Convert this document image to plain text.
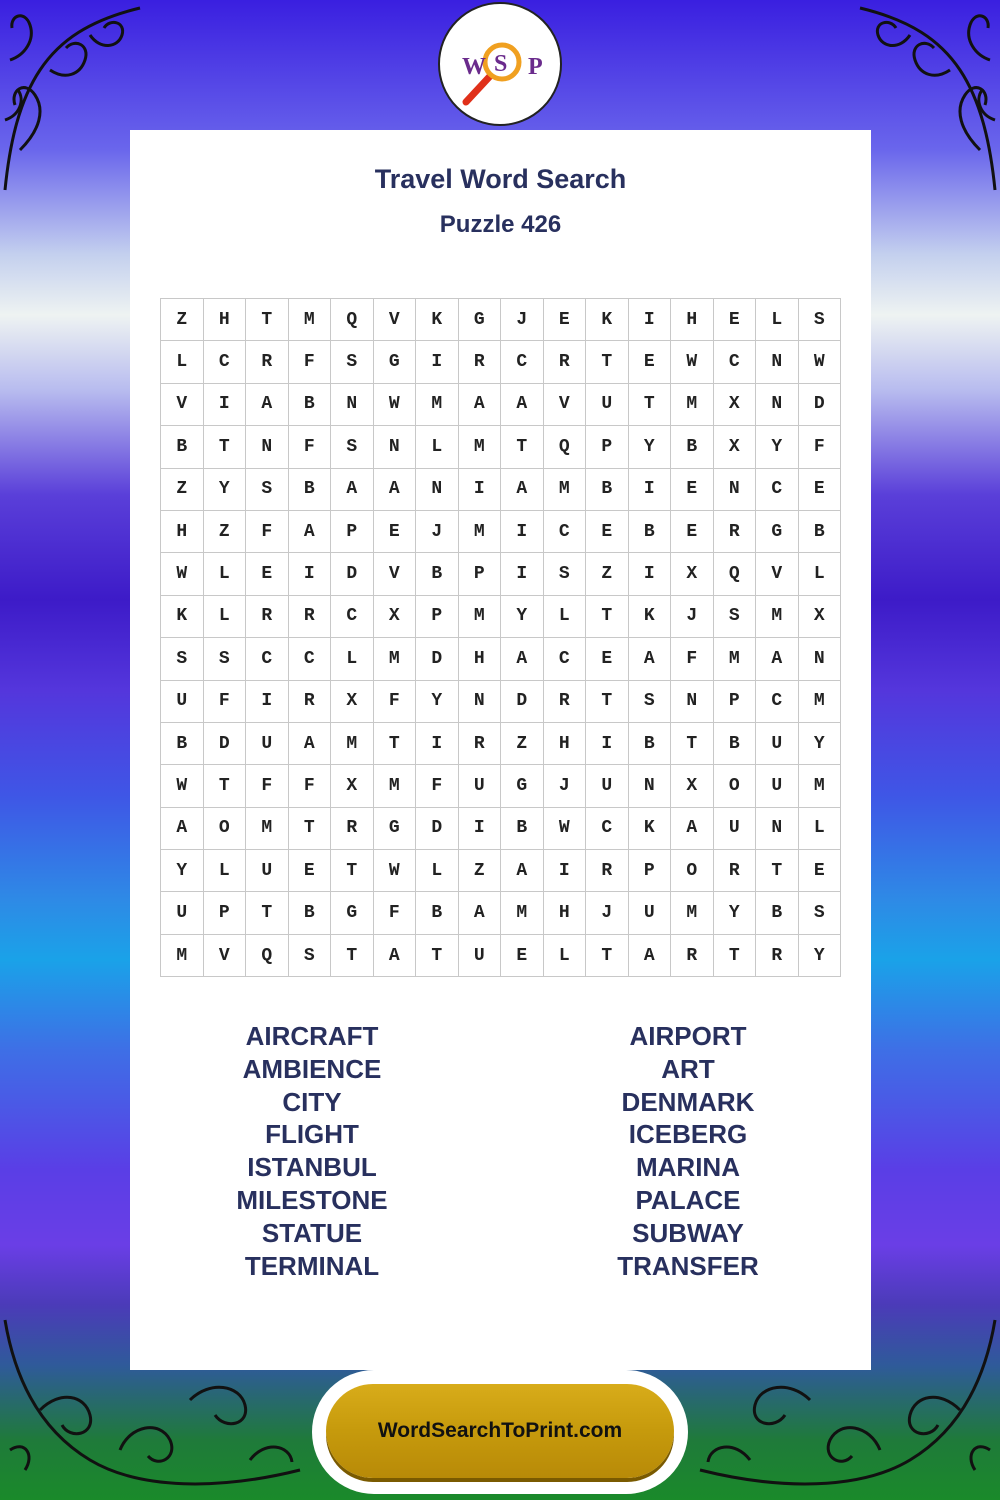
W S P
Travel Word Search
Puzzle 426
Z	H	T	M	Q	V	K	G	J	E	K	I	H	E	L	S
L	C	R	F	S	G	I	R	C	R	T	E	W	C	N	W
V	I	A	B	N	W	M	A	A	V	U	T	M	X	N	D
B	T	N	F	S	N	L	M	T	Q	P	Y	B	X	Y	F
Z	Y	S	B	A	A	N	I	A	M	B	I	E	N	C	E
H	Z	F	A	P	E	J	M	I	C	E	B	E	R	G	B
W	L	E	I	D	V	B	P	I	S	Z	I	X	Q	V	L
K	L	R	R	C	X	P	M	Y	L	T	K	J	S	M	X
S	S	C	C	L	M	D	H	A	C	E	A	F	M	A	N
U	F	I	R	X	F	Y	N	D	R	T	S	N	P	C	M
B	D	U	A	M	T	I	R	Z	H	I	B	T	B	U	Y
W	T	F	F	X	M	F	U	G	J	U	N	X	O	U	M
A	O	M	T	R	G	D	I	B	W	C	K	A	U	N	L
Y	L	U	E	T	W	L	Z	A	I	R	P	O	R	T	E
U	P	T	B	G	F	B	A	M	H	J	U	M	Y	B	S
M	V	Q	S	T	A	T	U	E	L	T	A	R	T	R	Y
AIRCRAFT
AMBIENCE
CITY
FLIGHT
ISTANBUL
MILESTONE
STATUE
TERMINAL
AIRPORT
ART
DENMARK
ICEBERG
MARINA
PALACE
SUBWAY
TRANSFER
WordSearchToPrint.com
